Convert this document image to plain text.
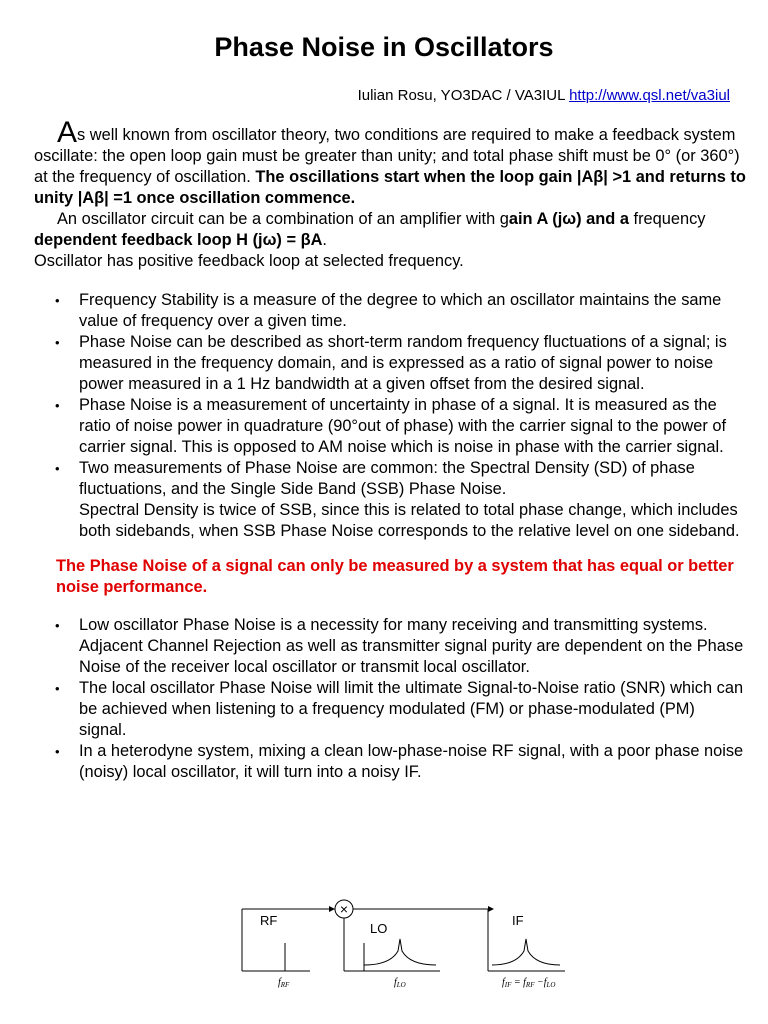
Phase Noise in Oscillators

Iulian Rosu, YO3DAC / VA3IUL http://www.qsl.net/va3iul

As well known from oscillator theory, two conditions are required to make a feedback system oscillate: the open loop gain must be greater than unity; and total phase shift must be 0° (or 360°) at the frequency of oscillation. The oscillations start when the loop gain |Aβ| >1 and returns to unity |Aβ| =1 once oscillation commence.

An oscillator circuit can be a combination of an amplifier with gain A (jω) and a frequency dependent feedback loop H (jω) = βA.

Oscillator has positive feedback loop at selected frequency.

• Frequency Stability is a measure of the degree to which an oscillator maintains the same value of frequency over a given time.
• Phase Noise can be described as short-term random frequency fluctuations of a signal; is measured in the frequency domain, and is expressed as a ratio of signal power to noise power measured in a 1 Hz bandwidth at a given offset from the desired signal.
• Phase Noise is a measurement of uncertainty in phase of a signal. It is measured as the ratio of noise power in quadrature (90°out of phase) with the carrier signal to the power of carrier signal. This is opposed to AM noise which is noise in phase with the carrier signal.
• Two measurements of Phase Noise are common: the Spectral Density (SD) of phase fluctuations, and the Single Side Band (SSB) Phase Noise.
Spectral Density is twice of SSB, since this is related to total phase change, which includes both sidebands, when SSB Phase Noise corresponds to the relative level on one sideband.

The Phase Noise of a signal can only be measured by a system that has equal or better noise performance.

• Low oscillator Phase Noise is a necessity for many receiving and transmitting systems. Adjacent Channel Rejection as well as transmitter signal purity are dependent on the Phase Noise of the receiver local oscillator or transmit local oscillator.
• The local oscillator Phase Noise will limit the ultimate Signal-to-Noise ratio (SNR) which can be achieved when listening to a frequency modulated (FM) or phase-modulated (PM) signal.
• In a heterodyne system, mixing a clean low-phase-noise RF signal, with a poor phase noise (noisy) local oscillator, it will turn into a noisy IF.
×
RF
LO
IF
$f_{RF}$	$f_{LO}$	$f_{IF} = f_{RF} -f_{LO}$
